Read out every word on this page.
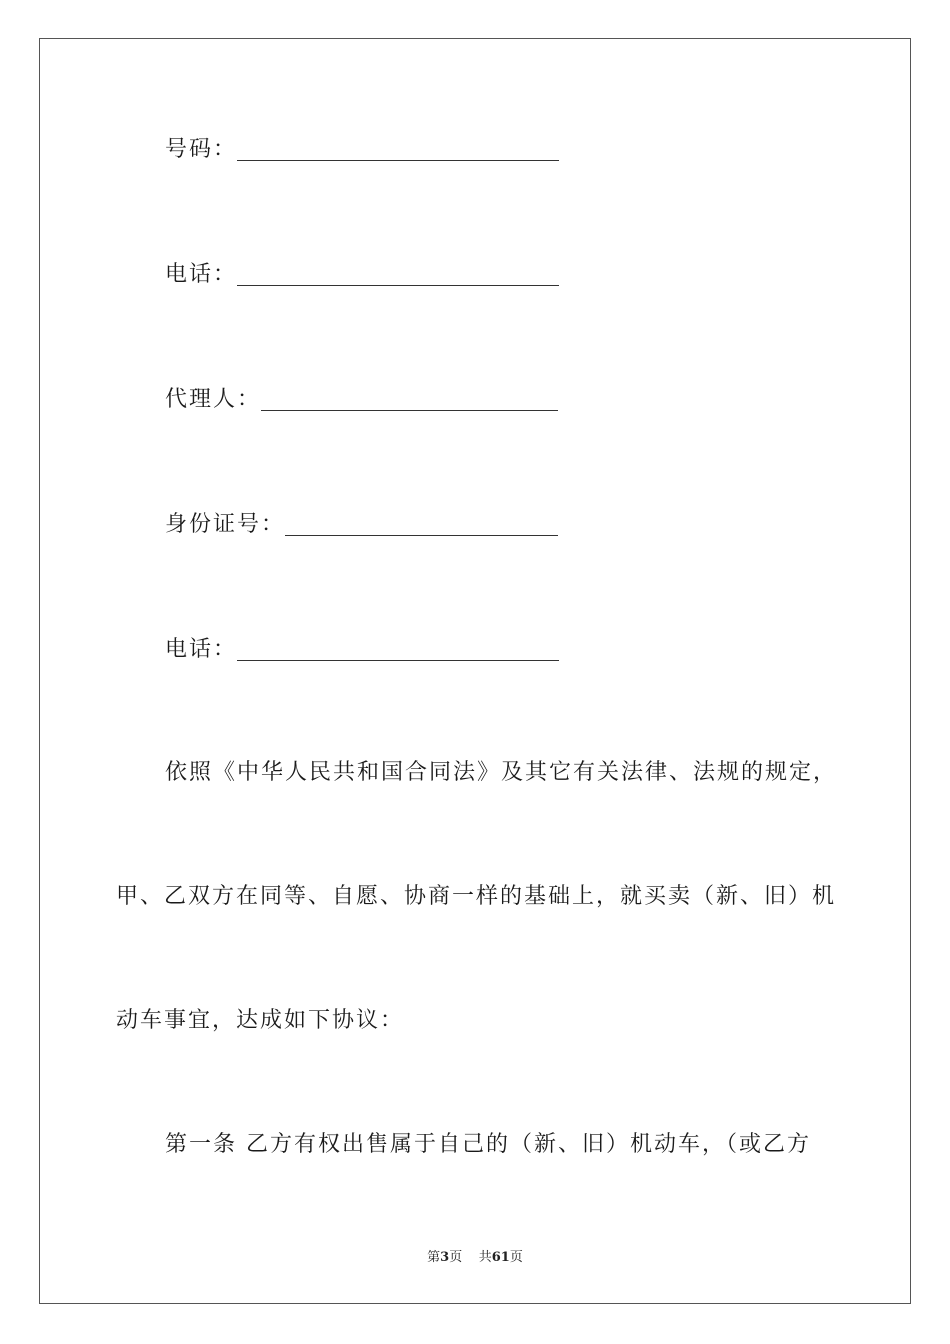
号码：
电话：
代理人：
身份证号：
电话：
依照《中华人民共和国合同法》及其它有关法律、法规的规定，
甲、乙双方在同等、自愿、协商一样的基础上，就买卖（新、旧）机
动车事宜，达成如下协议：
第一条 乙方有权出售属于自己的（新、旧）机动车，（或乙方
第3页 共61页
